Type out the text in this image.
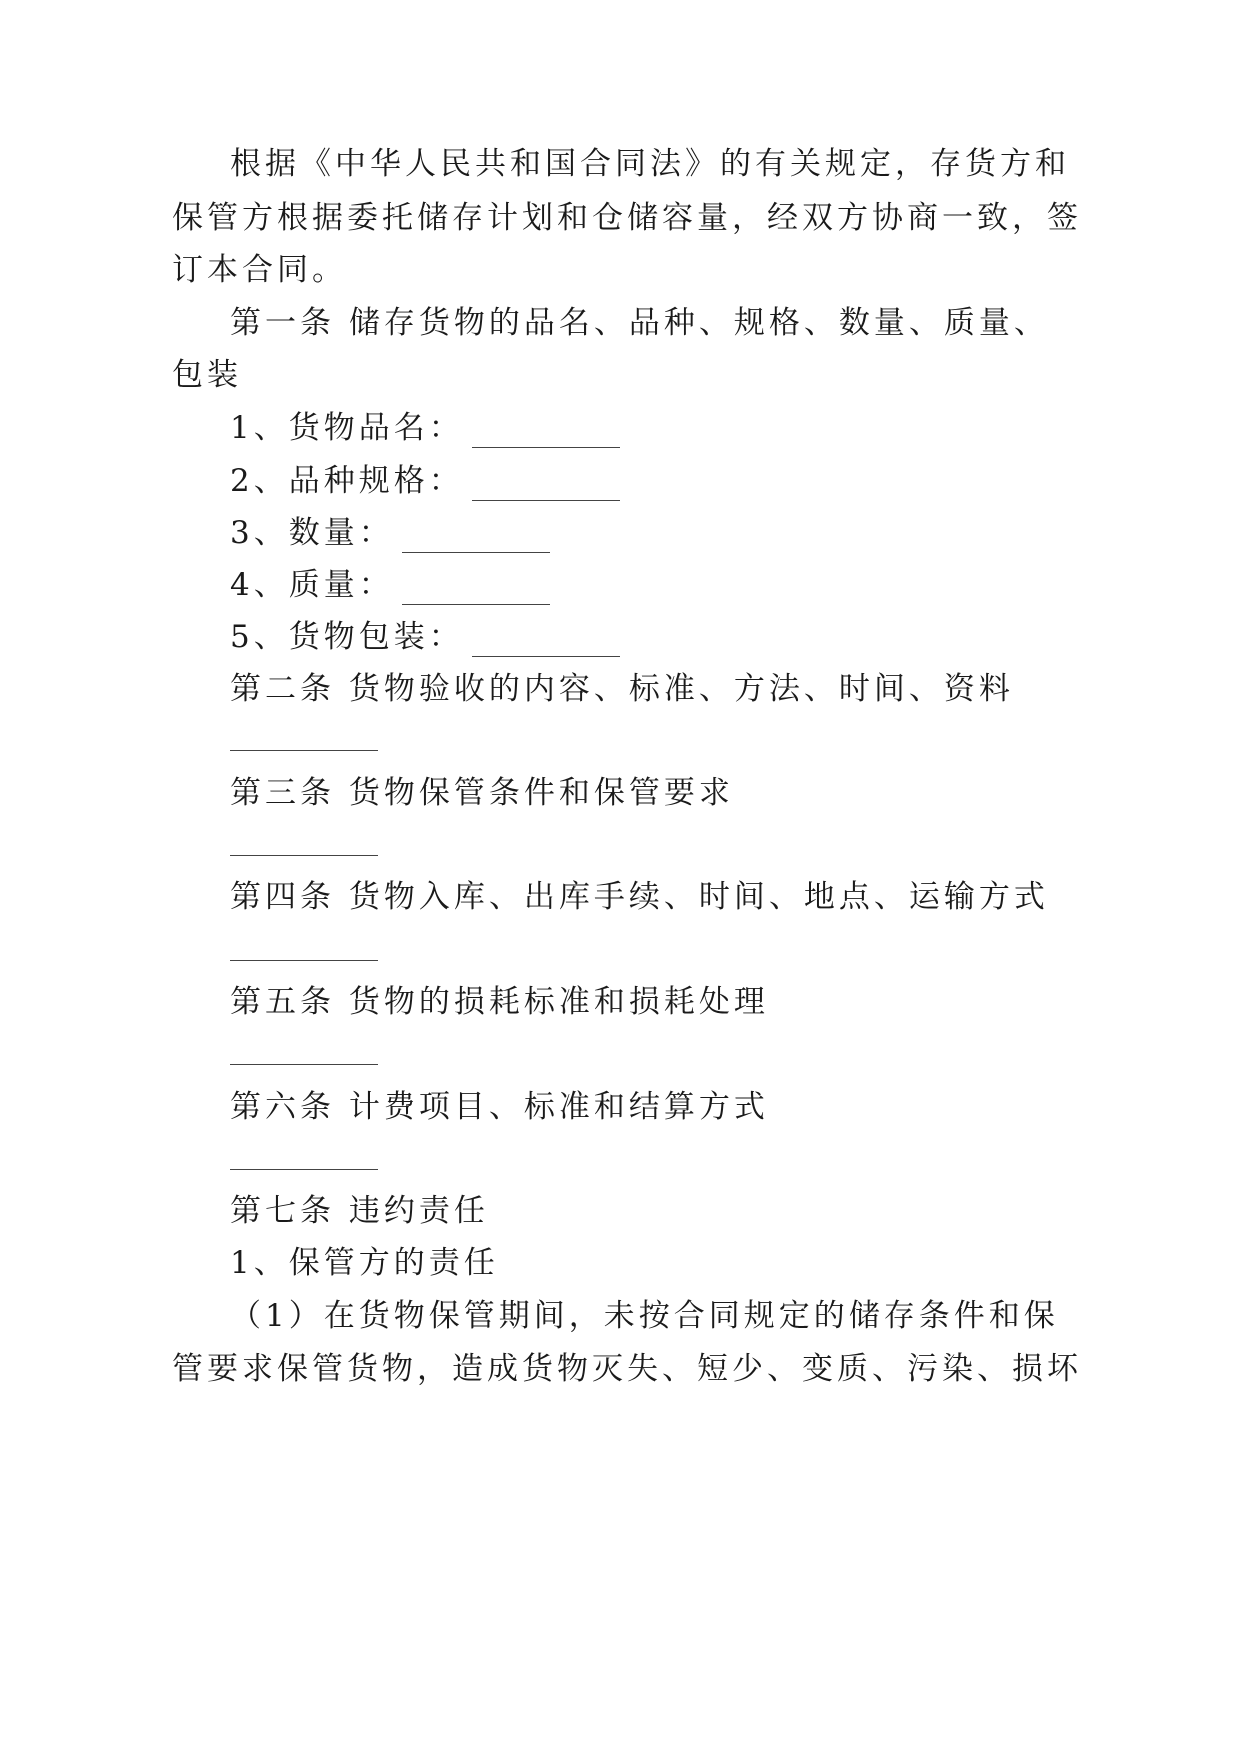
根据《中华人民共和国合同法》的有关规定，存货方和
保管方根据委托储存计划和仓储容量，经双方协商一致，签
订本合同。
第一条 储存货物的品名、品种、规格、数量、质量、
包装
1、货物品名：
2、品种规格：
3、数量：
4、质量：
5、货物包装：
第二条 货物验收的内容、标准、方法、时间、资料
第三条 货物保管条件和保管要求
第四条 货物入库、出库手续、时间、地点、运输方式
第五条 货物的损耗标准和损耗处理
第六条 计费项目、标准和结算方式
第七条 违约责任
1、保管方的责任
（1）在货物保管期间，未按合同规定的储存条件和保
管要求保管货物，造成货物灭失、短少、变质、污染、损坏
